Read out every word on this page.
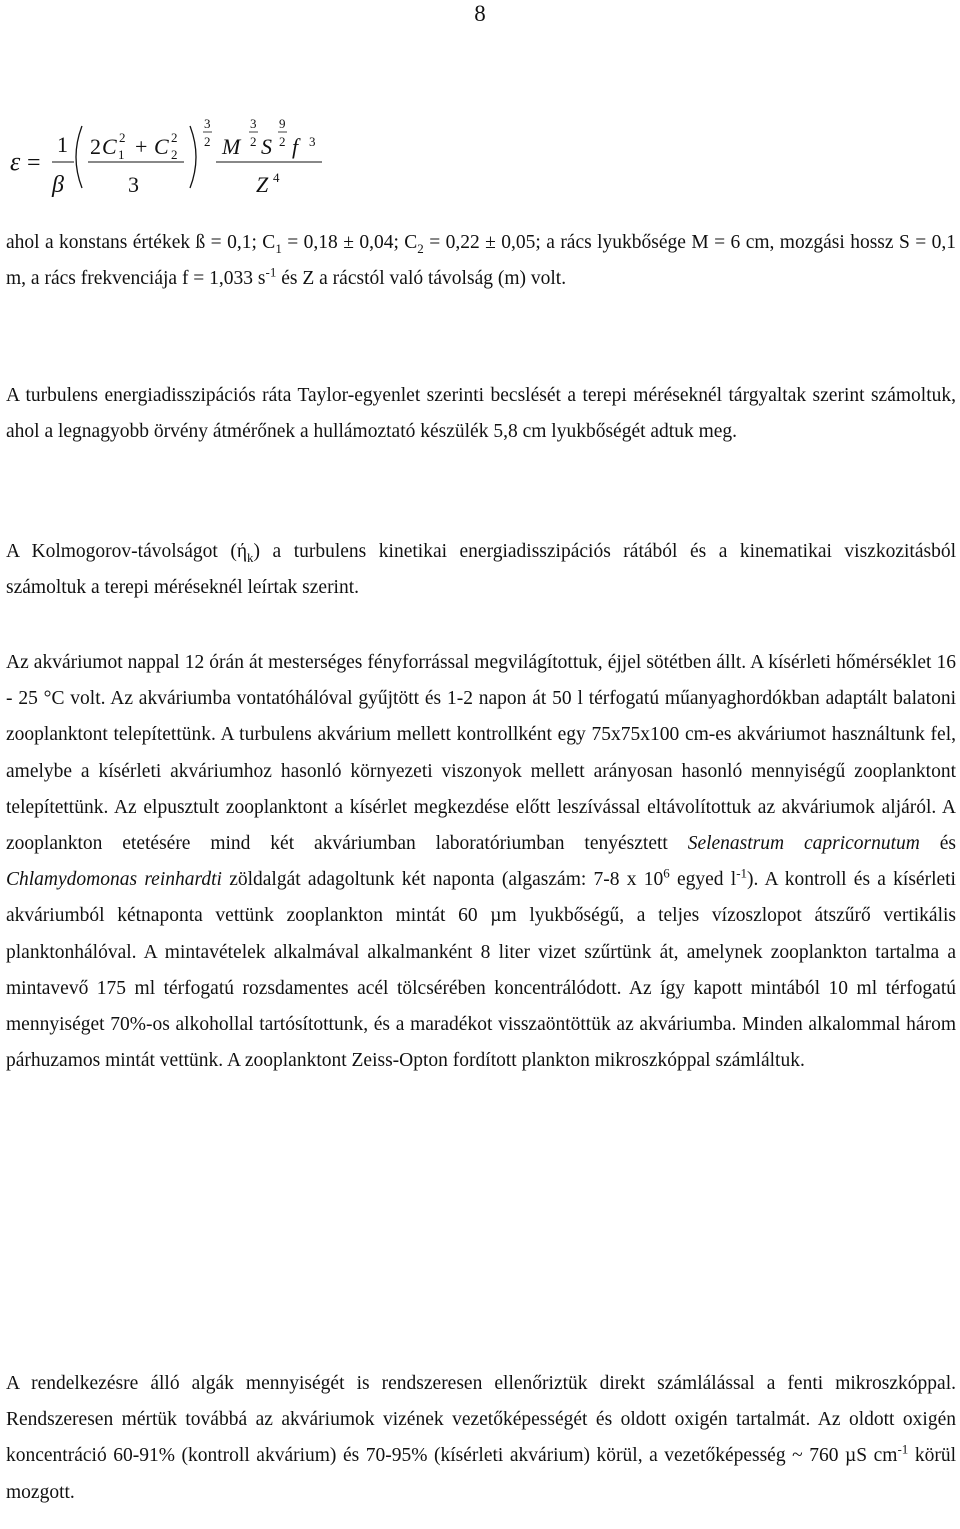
8
ε =
1
β
2 C 2
1 + C 2
2
3
3
2 M
3
2 S
9
2 f 3
Z 4

ahol a konstans értékek ß = 0,1; $C_1 = 0,18 \pm 0,04$; $C_2 = 0,22 \pm 0,05$; a rács lyukbősége M = 6 cm, mozgási hossz S = 0,1 m, a rács frekvenciája f = 1,033 $s^{-1}$ és Z a rácstól való távolság (m) volt.

A turbulens energiadisszipációs ráta Taylor-egyenlet szerinti becslését a terepi méréseknél tárgyaltak szerint számoltuk, ahol a legnagyobb örvény átmérőnek a hullámoztató készülék 5,8 cm lyukbőségét adtuk meg.

A Kolmogorov-távolságot $(ή_k)$ a turbulens kinetikai energiadisszipációs rátából és a kinematikai viszkozitásból számoltuk a terepi méréseknél leírtak szerint.

Az akváriumot nappal 12 órán át mesterséges fényforrással megvilágítottuk, éjjel sötétben állt. A kísérleti hőmérséklet 16 - 25 °C volt. Az akváriumba vontatóhálóval gyűjtött és 1-2 napon át 50 l térfogatú műanyaghordókban adaptált balatoni zooplanktont telepítettünk. A turbulens akvárium mellett kontrollként egy 75x75x100 cm-es akváriumot használtunk fel, amelybe a kísérleti akváriumhoz hasonló környezeti viszonyok mellett arányosan hasonló mennyiségű zooplanktont telepítettünk. Az elpusztult zooplanktont a kísérlet megkezdése előtt leszívással eltávolítottuk az akváriumok aljáról. A zooplankton etetésére mind két akváriumban laboratóriumban tenyésztett Selenastrum capricornutum és Chlamydomonas reinhardti zöldalgát adagoltunk két naponta (algaszám: 7-8 x $10^6$ egyed $l^{-1}$). A kontroll és a kísérleti akváriumból kétnaponta vettünk zooplankton mintát 60 µm lyukbőségű, a teljes vízoszlopot átszűrő vertikális planktonhálóval. A mintavételek alkalmával alkalmanként 8 liter vizet szűrtünk át, amelynek zooplankton tartalma a mintavevő 175 ml térfogatú rozsdamentes acél tölcsérében koncentrálódott. Az így kapott mintából 10 ml térfogatú mennyiséget 70%-os alkohollal tartósítottunk, és a maradékot visszaöntöttük az akváriumba. Minden alkalommal három párhuzamos mintát vettünk. A zooplanktont Zeiss-Opton fordított plankton mikroszkóppal számláltuk.

A rendelkezésre álló algák mennyiségét is rendszeresen ellenőriztük direkt számlálással a fenti mikroszkóppal. Rendszeresen mértük továbbá az akváriumok vizének vezetőképességét és oldott oxigén tartalmát. Az oldott oxigén koncentráció 60-91% (kontroll akvárium) és 70-95% (kísérleti akvárium) körül, a vezetőképesség ~ 760 µS $cm^{-1}$ körül mozgott.
